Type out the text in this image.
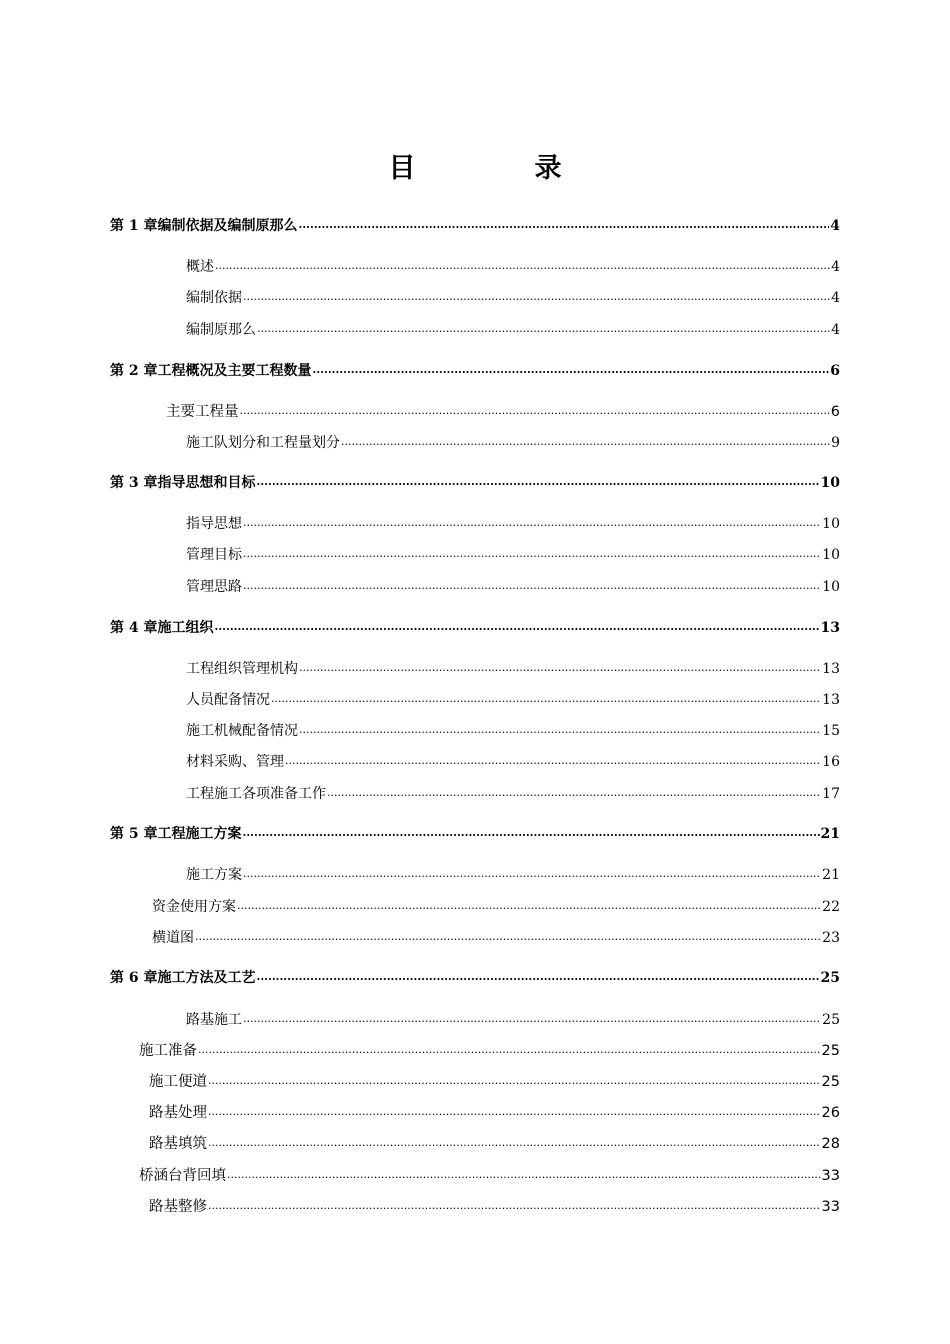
目　录
第 1 章 编制依据及编制原那么 .....	4
概述 .....	4
编制依据 .....	4
编制原那么 .....	4
第 2 章 工程概况及主要工程数量 .....	6
主要工程量 .....	6
施工队划分和工程量划分 .....	9
第 3 章 指导思想和目标 .....	10
指导思想 .....	10
管理目标 .....	10
管理思路 .....	10
第 4 章 施工组织 .....	13
工程组织管理机构 .....	13
人员配备情况 .....	13
施工机械配备情况 .....	15
材料采购、管理 .....	16
工程施工各项准备工作 .....	17
第 5 章 工程施工方案 .....	21
施工方案 .....	21
资金使用方案 .....	22
横道图 .....	23
第 6 章 施工方法及工艺 .....	25
路基施工 .....	25
施工准备 .....	25
施工便道 .....	25
路基处理 .....	26
路基填筑 .....	28
桥涵台背回填 .....	33
路基整修 .....	33
